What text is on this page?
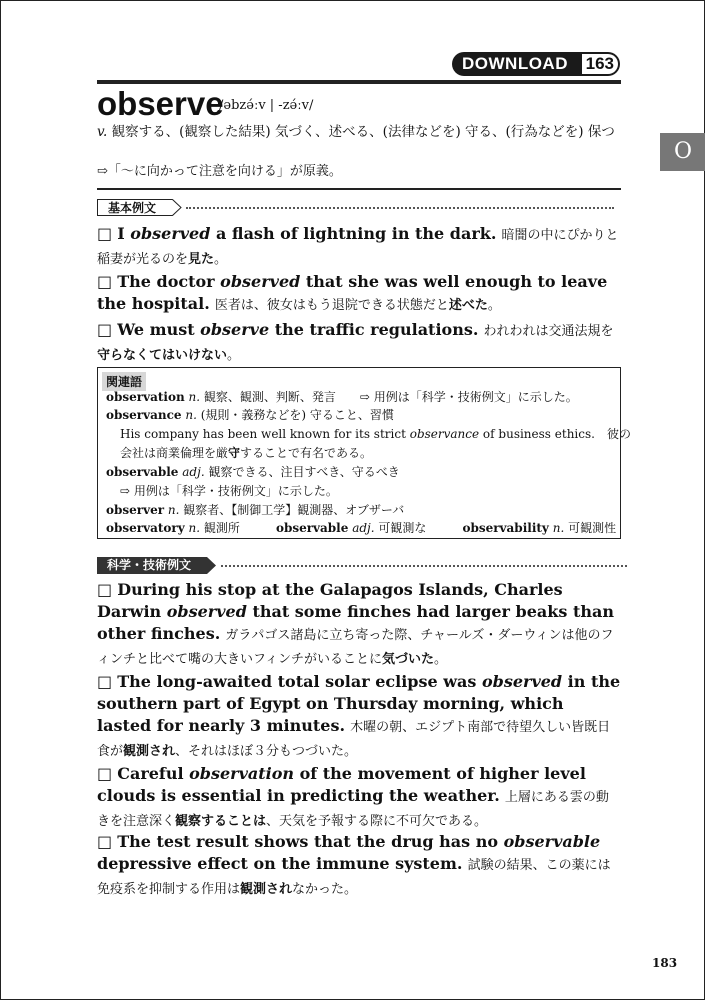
DOWNLOAD	163
O
observe
/əbzə́ːv | -zə́ːv/
v. 観察する、(観察した結果) 気づく、述べる、(法律などを) 守る、(行為などを) 保つ
⇨「～に向かって注意を向ける」が原義。
基本例文
□ I observed a flash of lightning in the dark. 暗闇の中にぴかりと稲妻が光るのを見た。
□ The doctor observed that she was well enough to leave the hospital. 医者は、彼女はもう退院できる状態だと述べた。
□ We must observe the traffic regulations. われわれは交通法規を守らなくてはいけない。
関連語
observation n. 観察、観測、判断、発言　　 ⇨ 用例は「科学・技術例文」に示した。
observance n. (規則・義務などを) 守ること、習慣
His company has been well known for its strict observance of business ethics.　 彼の
会社は商業倫理を厳守することで有名である。
observable adj. 観察できる、注目すべき、守るべき
⇨ 用例は「科学・技術例文」に示した。
observer n. 観察者、【制御工学】観測器、オブザーバ
observatory n. 観測所　　　	observable adj. 可観測な　　　	observability n. 可観測性
科学・技術例文
□ During his stop at the Galapagos Islands, Charles Darwin observed that some finches had larger beaks than other finches. ガラパゴス諸島に立ち寄った際、チャールズ・ダーウィンは他のフィンチと比べて嘴の大きいフィンチがいることに気づいた。
□ The long-awaited total solar eclipse was observed in the southern part of Egypt on Thursday morning, which lasted for nearly 3 minutes. 木曜の朝、エジプト南部で待望久しい皆既日食が観測され、それはほぼ３分もつづいた。
□ Careful observation of the movement of higher level clouds is essential in predicting the weather. 上層にある雲の動きを注意深く観察することは、天気を予報する際に不可欠である。
□ The test result shows that the drug has no observable depressive effect on the immune system. 試験の結果、この薬には免疫系を抑制する作用は観測されなかった。
183
